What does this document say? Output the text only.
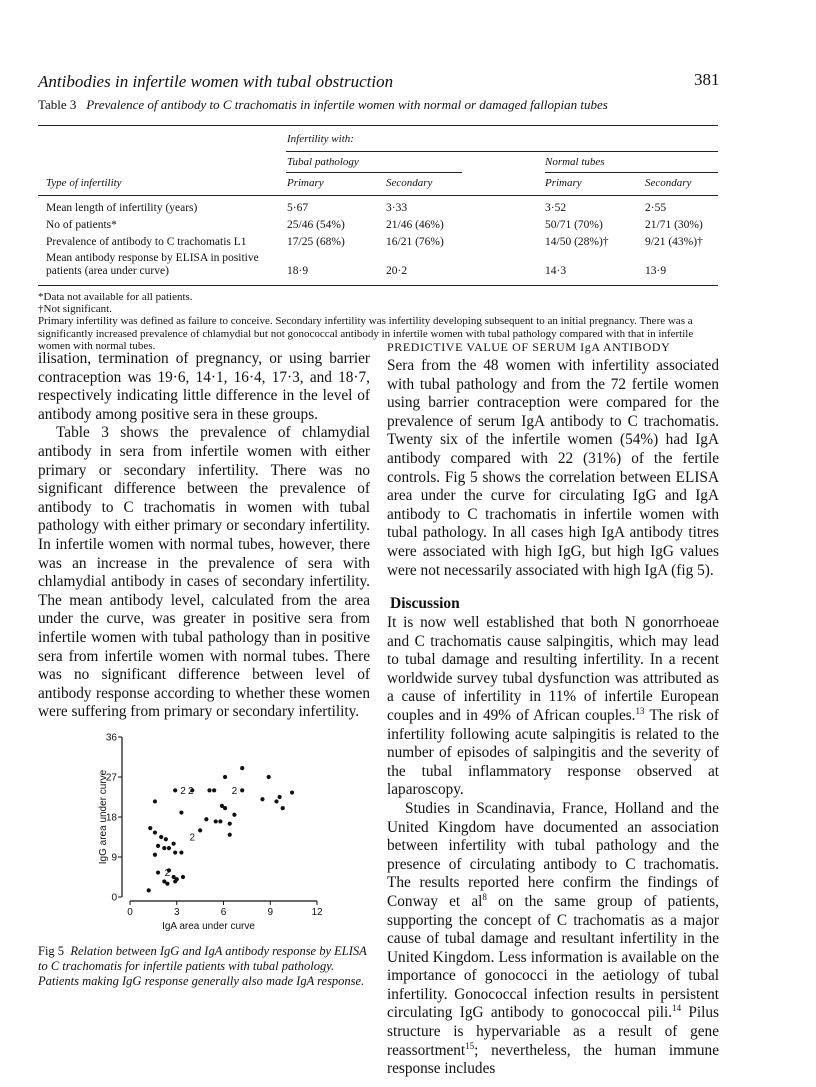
Antibodies in infertile women with tubal obstruction	381
Table 3 Prevalence of antibody to C trachomatis in infertile women with normal or damaged fallopian tubes
Infertility with:
Tubal pathology	Normal tubes
Type of infertility	Primary	Secondary	Primary	Secondary
Mean length of infertility (years)	5·67	3·33	3·52	2·55
No of patients*	25/46 (54%)	21/46 (46%)	50/71 (70%)	21/71 (30%)
Prevalence of antibody to C trachomatis L1	17/25 (68%)	16/21 (76%)	14/50 (28%)†	9/21 (43%)†
Mean antibody response by ELISA in positive
patients (area under curve)	18·9	20·2	14·3	13·9
*Data not available for all patients.
†Not significant.
Primary infertility was defined as failure to conceive. Secondary infertility was infertility developing subsequent to an initial pregnancy. There was a significantly increased prevalence of chlamydial but not gonococcal antibody in infertile women with tubal pathology compared with that in infertile women with normal tubes.

ilisation, termination of pregnancy, or using barrier contraception was 19·6, 14·1, 16·4, 17·3, and 18·7, respectively indicating little difference in the level of antibody among positive sera in these groups.

Table 3 shows the prevalence of chlamydial antibody in sera from infertile women with either primary or secondary infertility. There was no significant difference between the prevalence of antibody to C trachomatis in women with tubal pathology with either primary or secondary infertility. In infertile women with normal tubes, however, there was an increase in the prevalence of sera with chlamydial antibody in cases of secondary infertility. The mean antibody level, calculated from the area under the curve, was greater in positive sera from infertile women with tubal pathology than in positive sera from infertile women with normal tubes. There was no significant difference between level of antibody response according to whether these women were suffering from primary or secondary infertility.

PREDICTIVE VALUE OF SERUM IgA ANTIBODY

Sera from the 48 women with infertility associated with tubal pathology and from the 72 fertile women using barrier contraception were compared for the prevalence of serum IgA antibody to C trachomatis. Twenty six of the infertile women (54%) had IgA antibody compared with 22 (31%) of the fertile controls. Fig 5 shows the correlation between ELISA area under the curve for circulating IgG and IgA antibody to C trachomatis in infertile women with tubal pathology. In all cases high IgA antibody titres were associated with high IgG, but high IgG values were not necessarily associated with high IgA (fig 5).

Discussion

It is now well established that both N gonorrhoeae and C trachomatis cause salpingitis, which may lead to tubal damage and resulting infertility. In a recent worldwide survey tubal dysfunction was attributed as a cause of infertility in 11% of infertile European couples and in 49% of African couples.$^{13}$ The risk of infertility following acute salpingitis is related to the number of episodes of salpingitis and the severity of the tubal inflammatory response observed at laparoscopy.

Studies in Scandinavia, France, Holland and the United Kingdom have documented an association between infertility with tubal pathology and the presence of circulating antibody to C trachomatis. The results reported here confirm the findings of Conway et $al^8$ on the same group of patients, supporting the concept of C trachomatis as a major cause of tubal damage and resultant infertility in the United Kingdom. Less information is available on the importance of gonococci in the aetiology of tubal infertility. Gonococcal infection results in persistent circulating IgG antibody to gonococcal pili.$^{14}$ Pilus structure is hypervariable as a result of gene reassortment$^{15}$; nevertheless, the human immune response includes

0	3	6	9	12
0
9
18
27
36
2 2	2
2
2
IgA area under curve
IgG area under curve
Fig 5 Relation between IgG and IgA antibody response by ELISA to C trachomatis for infertile patients with tubal pathology. Patients making IgG response generally also made IgA response.
